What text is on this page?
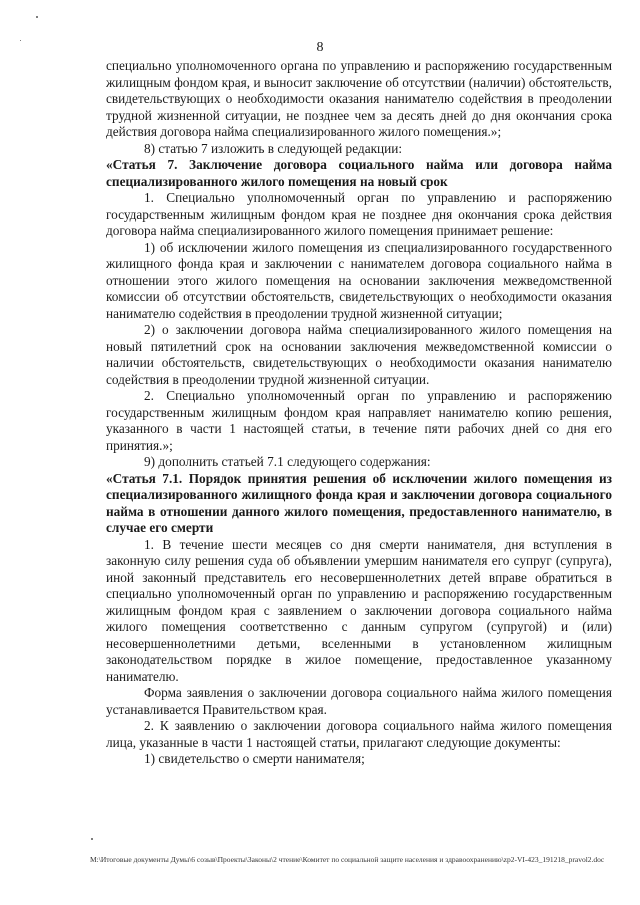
8

специально уполномоченного органа по управлению и распоряжению государственным жилищным фондом края, и выносит заключение об отсутствии (наличии) обстоятельств, свидетельствующих о необходимости оказания нанимателю содействия в преодолении трудной жизненной ситуации, не позднее чем за десять дней до дня окончания срока действия договора найма специализированного жилого помещения.»;

8) статью 7 изложить в следующей редакции:

«Статья 7. Заключение договора социального найма или договора найма специализированного жилого помещения на новый срок

1. Специально уполномоченный орган по управлению и распоряжению государственным жилищным фондом края не позднее дня окончания срока действия договора найма специализированного жилого помещения принимает решение:

1) об исключении жилого помещения из специализированного государственного жилищного фонда края и заключении с нанимателем договора социального найма в отношении этого жилого помещения на основании заключения межведомственной комиссии об отсутствии обстоятельств, свидетельствующих о необходимости оказания нанимателю содействия в преодолении трудной жизненной ситуации;

2) о заключении договора найма специализированного жилого помещения на новый пятилетний срок на основании заключения межведомственной комиссии о наличии обстоятельств, свидетельствующих о необходимости оказания нанимателю содействия в преодолении трудной жизненной ситуации.

2. Специально уполномоченный орган по управлению и распоряжению государственным жилищным фондом края направляет нанимателю копию решения, указанного в части 1 настоящей статьи, в течение пяти рабочих дней со дня его принятия.»;

9) дополнить статьей 7.1 следующего содержания:

«Статья 7.1. Порядок принятия решения об исключении жилого помещения из специализированного жилищного фонда края и заключении договора социального найма в отношении данного жилого помещения, предоставленного нанимателю, в случае его смерти

1. В течение шести месяцев со дня смерти нанимателя, дня вступления в законную силу решения суда об объявлении умершим нанимателя его супруг (супруга), иной законный представитель его несовершеннолетних детей вправе обратиться в специально уполномоченный орган по управлению и распоряжению государственным жилищным фондом края с заявлением о заключении договора социального найма жилого помещения соответственно с данным супругом (супругой) и (или) несовершеннолетними детьми, вселенными в установленном жилищным законодательством порядке в жилое помещение, предоставленное указанному нанимателю.

Форма заявления о заключении договора социального найма жилого помещения устанавливается Правительством края.

2. К заявлению о заключении договора социального найма жилого помещения лица, указанные в части 1 настоящей статьи, прилагают следующие документы:

1) свидетельство о смерти нанимателя;

M:\Итоговые документы Думы\6 созыв\Проекты\Законы\2 чтение\Комитет по социальной защите населения и здравоохранению\zp2-VI-423_191218_pravol2.doc
